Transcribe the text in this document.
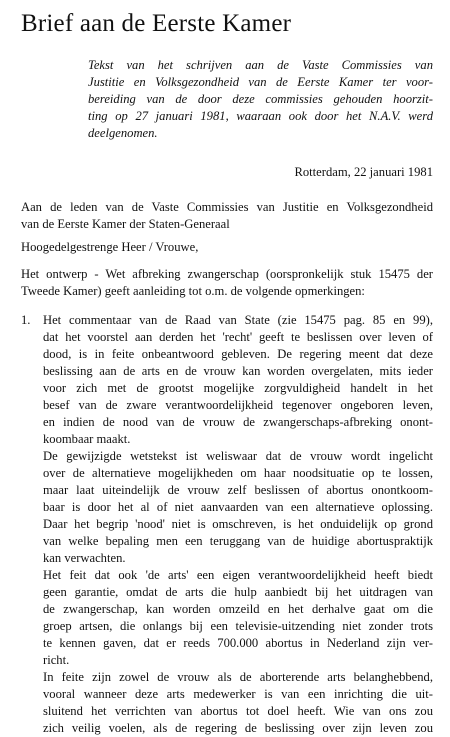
Brief aan de Eerste Kamer
Tekst van het schrijven aan de Vaste Commissies van
Justitie en Volksgezondheid van de Eerste Kamer ter voor-
bereiding van de door deze commissies gehouden hoorzit-
ting op 27 januari 1981, waaraan ook door het N.A.V. werd
deelgenomen.
Rotterdam, 22 januari 1981
Aan de leden van de Vaste Commissies van Justitie en Volksgezondheid
van de Eerste Kamer der Staten-Generaal
Hoogedelgestrenge Heer / Vrouwe,
Het ontwerp - Wet afbreking zwangerschap (oorspronkelijk stuk 15475 der
Tweede Kamer) geeft aanleiding tot o.m. de volgende opmerkingen:
1. Het commentaar van de Raad van State (zie 15475 pag. 85 en 99),
dat het voorstel aan derden het 'recht' geeft te beslissen over leven of
dood, is in feite onbeantwoord gebleven. De regering meent dat deze
beslissing aan de arts en de vrouw kan worden overgelaten, mits ieder
voor zich met de grootst mogelijke zorgvuldigheid handelt in het
besef van de zware verantwoordelijkheid tegenover ongeboren leven,
en indien de nood van de vrouw de zwangerschaps-afbreking onont-
koombaar maakt.
De gewijzigde wetstekst ist weliswaar dat de vrouw wordt ingelicht
over de alternatieve mogelijkheden om haar noodsituatie op te lossen,
maar laat uiteindelijk de vrouw zelf beslissen of abortus onontkoom-
baar is door het al of niet aanvaarden van een alternatieve oplossing.
Daar het begrip 'nood' niet is omschreven, is het onduidelijk op grond
van welke bepaling men een teruggang van de huidige abortuspraktijk
kan verwachten.
Het feit dat ook 'de arts' een eigen verantwoordelijkheid heeft biedt
geen garantie, omdat de arts die hulp aanbiedt bij het uitdragen van
de zwangerschap, kan worden omzeild en het derhalve gaat om die
groep artsen, die onlangs bij een televisie-uitzending niet zonder trots
te kennen gaven, dat er reeds 700.000 abortus in Nederland zijn ver-
richt.
In feite zijn zowel de vrouw als de aborterende arts belanghebbend,
vooral wanneer deze arts medewerker is van een inrichting die uit-
sluitend het verrichten van abortus tot doel heeft. Wie van ons zou
zich veilig voelen, als de regering de beslissing over zijn leven zou
